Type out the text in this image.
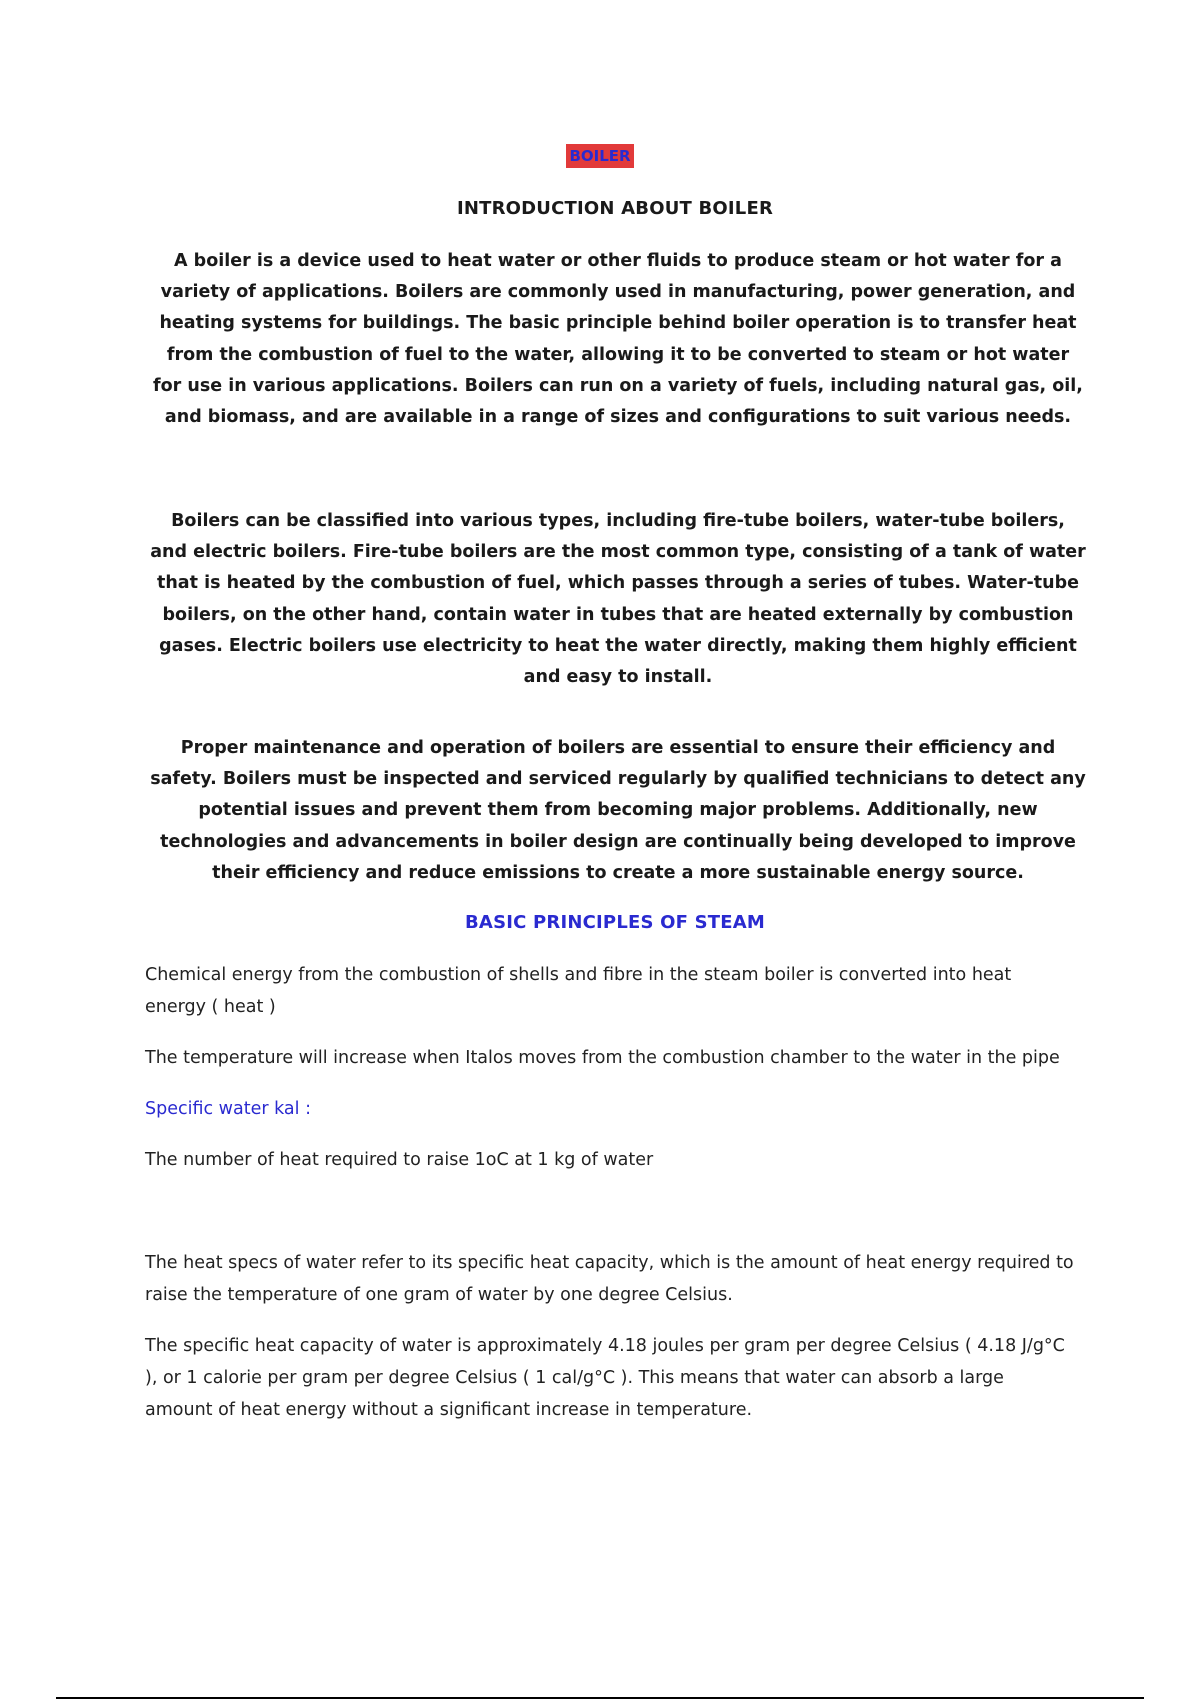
BOILER
INTRODUCTION ABOUT BOILER
A boiler is a device used to heat water or other fluids to produce steam or hot water for a variety of applications. Boilers are commonly used in manufacturing, power generation, and heating systems for buildings. The basic principle behind boiler operation is to transfer heat from the combustion of fuel to the water, allowing it to be converted to steam or hot water for use in various applications. Boilers can run on a variety of fuels, including natural gas, oil, and biomass, and are available in a range of sizes and configurations to suit various needs.
Boilers can be classified into various types, including fire-tube boilers, water-tube boilers, and electric boilers. Fire-tube boilers are the most common type, consisting of a tank of water that is heated by the combustion of fuel, which passes through a series of tubes. Water-tube boilers, on the other hand, contain water in tubes that are heated externally by combustion gases. Electric boilers use electricity to heat the water directly, making them highly efficient and easy to install.
Proper maintenance and operation of boilers are essential to ensure their efficiency and safety. Boilers must be inspected and serviced regularly by qualified technicians to detect any potential issues and prevent them from becoming major problems. Additionally, new technologies and advancements in boiler design are continually being developed to improve their efficiency and reduce emissions to create a more sustainable energy source.
BASIC PRINCIPLES OF STEAM
Chemical energy from the combustion of shells and fibre in the steam boiler is converted into heat energy ( heat )
The temperature will increase when Italos moves from the combustion chamber to the water in the pipe
Specific water kal :
The number of heat required to raise 1oC at 1 kg of water
The heat specs of water refer to its specific heat capacity, which is the amount of heat energy required to raise the temperature of one gram of water by one degree Celsius.
The specific heat capacity of water is approximately 4.18 joules per gram per degree Celsius ( 4.18 J/g°C ), or 1 calorie per gram per degree Celsius ( 1 cal/g°C ). This means that water can absorb a large amount of heat energy without a significant increase in temperature.
